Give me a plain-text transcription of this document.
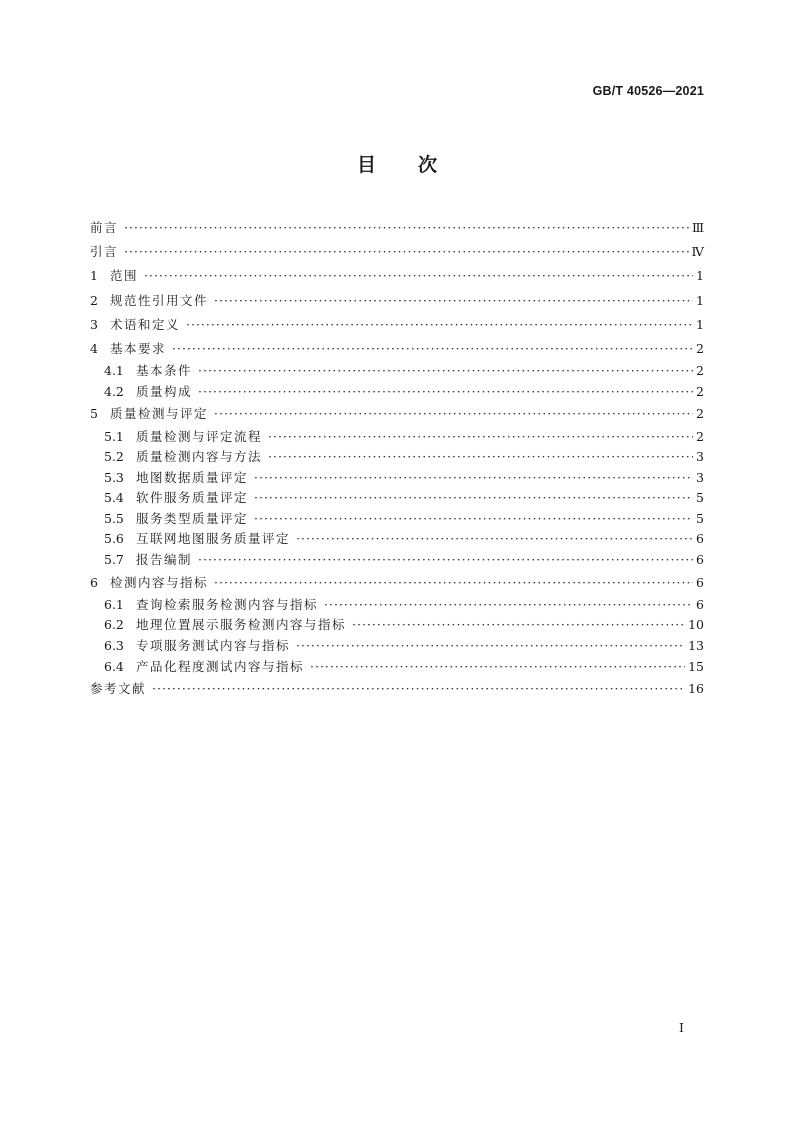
GB/T 40526—2021
目次
前言 ·····	Ⅲ
引言 ·····	Ⅳ
1 范围 ·····	1
2 规范性引用文件 ·····	1
3 术语和定义 ·····	1
4 基本要求 ·····	2
4.1 基本条件 ·····	2
4.2 质量构成 ·····	2
5 质量检测与评定 ·····	2
5.1 质量检测与评定流程 ·····	2
5.2 质量检测内容与方法 ·····	3
5.3 地图数据质量评定 ·····	3
5.4 软件服务质量评定 ·····	5
5.5 服务类型质量评定 ·····	5
5.6 互联网地图服务质量评定 ·····	6
5.7 报告编制 ·····	6
6 检测内容与指标 ·····	6
6.1 查询检索服务检测内容与指标 ·····	6
6.2 地理位置展示服务检测内容与指标 ·····	10
6.3 专项服务测试内容与指标 ·····	13
6.4 产品化程度测试内容与指标 ·····	15
参考文献 ·····	16
I
